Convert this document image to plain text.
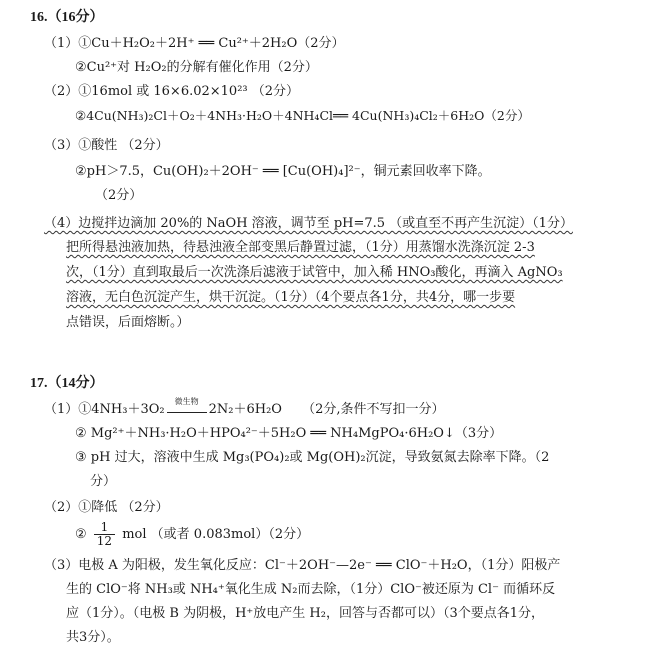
16.（16分）
（1）①Cu＋H₂O₂＋2H⁺ ══ Cu²⁺＋2H₂O（2分）
②Cu²⁺对 H₂O₂的分解有催化作用（2分）
（2）①16mol 或 16×6.02×10²³ （2分）
②4Cu(NH₃)₂Cl＋O₂＋4NH₃·H₂O＋4NH₄Cl══ 4Cu(NH₃)₄Cl₂＋6H₂O（2分）
（3）①酸性 （2分）
②pH＞7.5，Cu(OH)₂＋2OH⁻ ══ [Cu(OH)₄]²⁻，铜元素回收率下降。
（2分）
（4）边搅拌边滴加 20%的 NaOH 溶液，调节至 pH=7.5 （或直至不再产生沉淀）（1分）
把所得悬浊液加热，待悬浊液全部变黑后静置过滤，（1分）用蒸馏水洗涤沉淀 2-3
次，（1分）直到取最后一次洗涤后滤液于试管中，加入稀 HNO₃酸化，再滴入 AgNO₃
溶液，无白色沉淀产生，烘干沉淀。（1分）（4个要点各1分，共4分，哪一步要
点错误，后面熔断。）
17.（14分）
（1）①4NH₃＋3O₂
微生物
2N₂＋6H₂O （2分,条件不写扣一分）
② Mg²⁺＋NH₃·H₂O＋HPO₄²⁻＋5H₂O ══ NH₄MgPO₄·6H₂O↓（3分）
③ pH 过大，溶液中生成 Mg₃(PO₄)₂或 Mg(OH)₂沉淀，导致氨氮去除率下降。（2
分）
（2）①降低 （2分）
② $\frac{1}{12}$ mol （或者 0.083mol）（2分）
（3）电极 A 为阳极，发生氧化反应：Cl⁻＋2OH⁻—2e⁻ ══ ClO⁻＋H₂O，（1分）阳极产
生的 ClO⁻将 NH₃或 NH₄⁺氧化生成 N₂而去除，（1分）ClO⁻被还原为 Cl⁻ 而循环反
应（1分）。（电极 B 为阴极，H⁺放电产生 H₂，回答与否都可以）（3个要点各1分，
共3分）。
